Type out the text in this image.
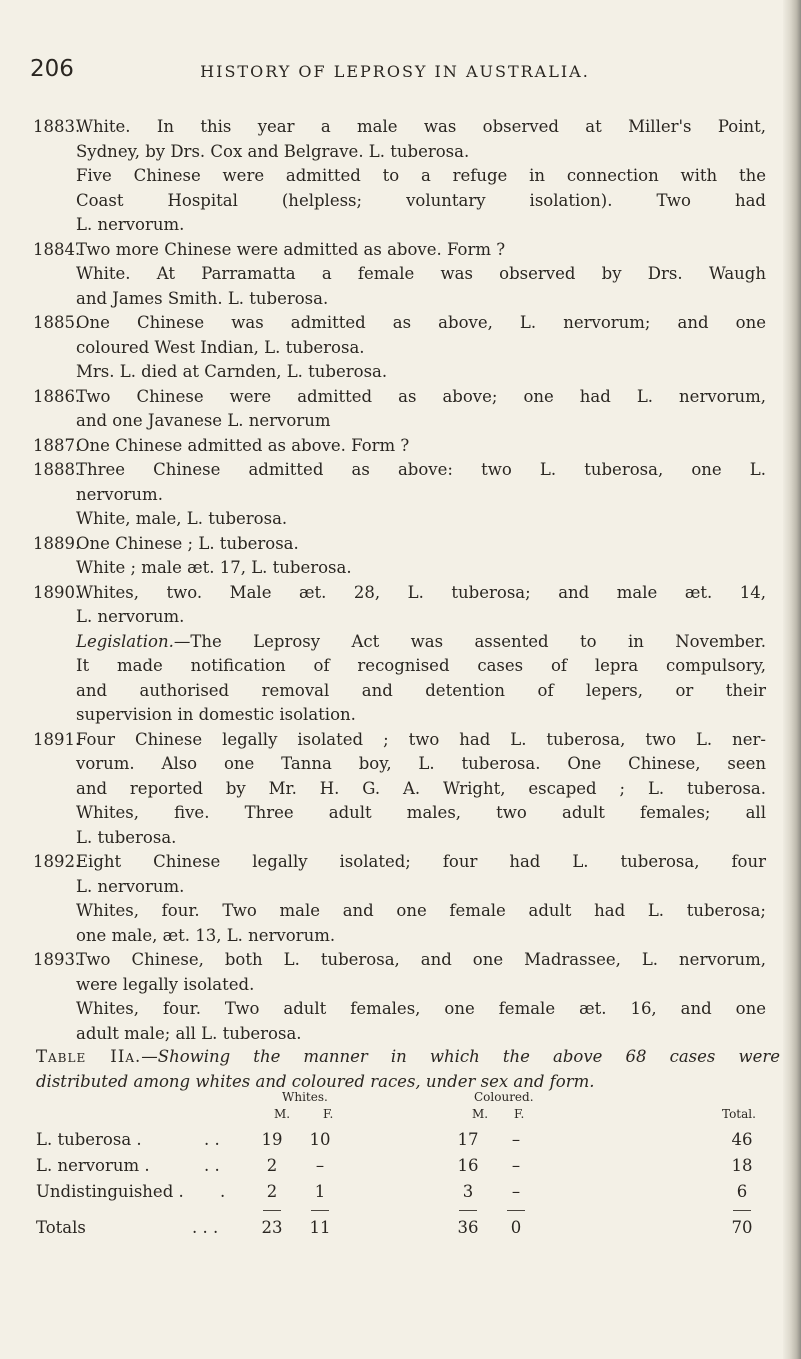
206	HISTORY OF LEPROSY IN AUSTRALIA.
1883.
White. In this year a male was observed at Miller's Point,
Sydney, by Drs. Cox and Belgrave. L. tuberosa.
Five Chinese were admitted to a refuge in connection with the
Coast Hospital (helpless; voluntary isolation). Two had
L. nervorum.
1884.
Two more Chinese were admitted as above. Form ?
White. At Parramatta a female was observed by Drs. Waugh
and James Smith. L. tuberosa.
1885.
One Chinese was admitted as above, L. nervorum; and one
coloured West Indian, L. tuberosa.
Mrs. L. died at Carnden, L. tuberosa.
1886.
Two Chinese were admitted as above; one had L. nervorum,
and one Javanese L. nervorum
1887.
One Chinese admitted as above. Form ?
1888.
Three Chinese admitted as above: two L. tuberosa, one L.
nervorum.
White, male, L. tuberosa.
1889.
One Chinese ; L. tuberosa.
White ; male æt. 17, L. tuberosa.
1890.
Whites, two. Male æt. 28, L. tuberosa; and male æt. 14,
L. nervorum.
Legislation.—The Leprosy Act was assented to in November.
It made notification of recognised cases of lepra compulsory,
and authorised removal and detention of lepers, or their
supervision in domestic isolation.
1891.
Four Chinese legally isolated ; two had L. tuberosa, two L. ner-
vorum. Also one Tanna boy, L. tuberosa. One Chinese, seen
and reported by Mr. H. G. A. Wright, escaped ; L. tuberosa.
Whites, five. Three adult males, two adult females; all
L. tuberosa.
1892.
Eight Chinese legally isolated; four had L. tuberosa, four
L. nervorum.
Whites, four. Two male and one female adult had L. tuberosa;
one male, æt. 13, L. nervorum.
1893.
Two Chinese, both L. tuberosa, and one Madrassee, L. nervorum,
were legally isolated.
Whites, four. Two adult females, one female æt. 16, and one
adult male; all L. tuberosa.
Table IIa.—Showing the manner in which the above 68 cases were
distributed among whites and coloured races, under sex and form.
Whites.	Coloured.
M.	F.	M. F.	Total.
L. tuberosa .	. .	19	10	17	–	46
L. nervorum .	. .	2	–	16	–	18
Undistinguished . .	2	1	3	–	6
Totals	. . .	23	11	36	0	70
